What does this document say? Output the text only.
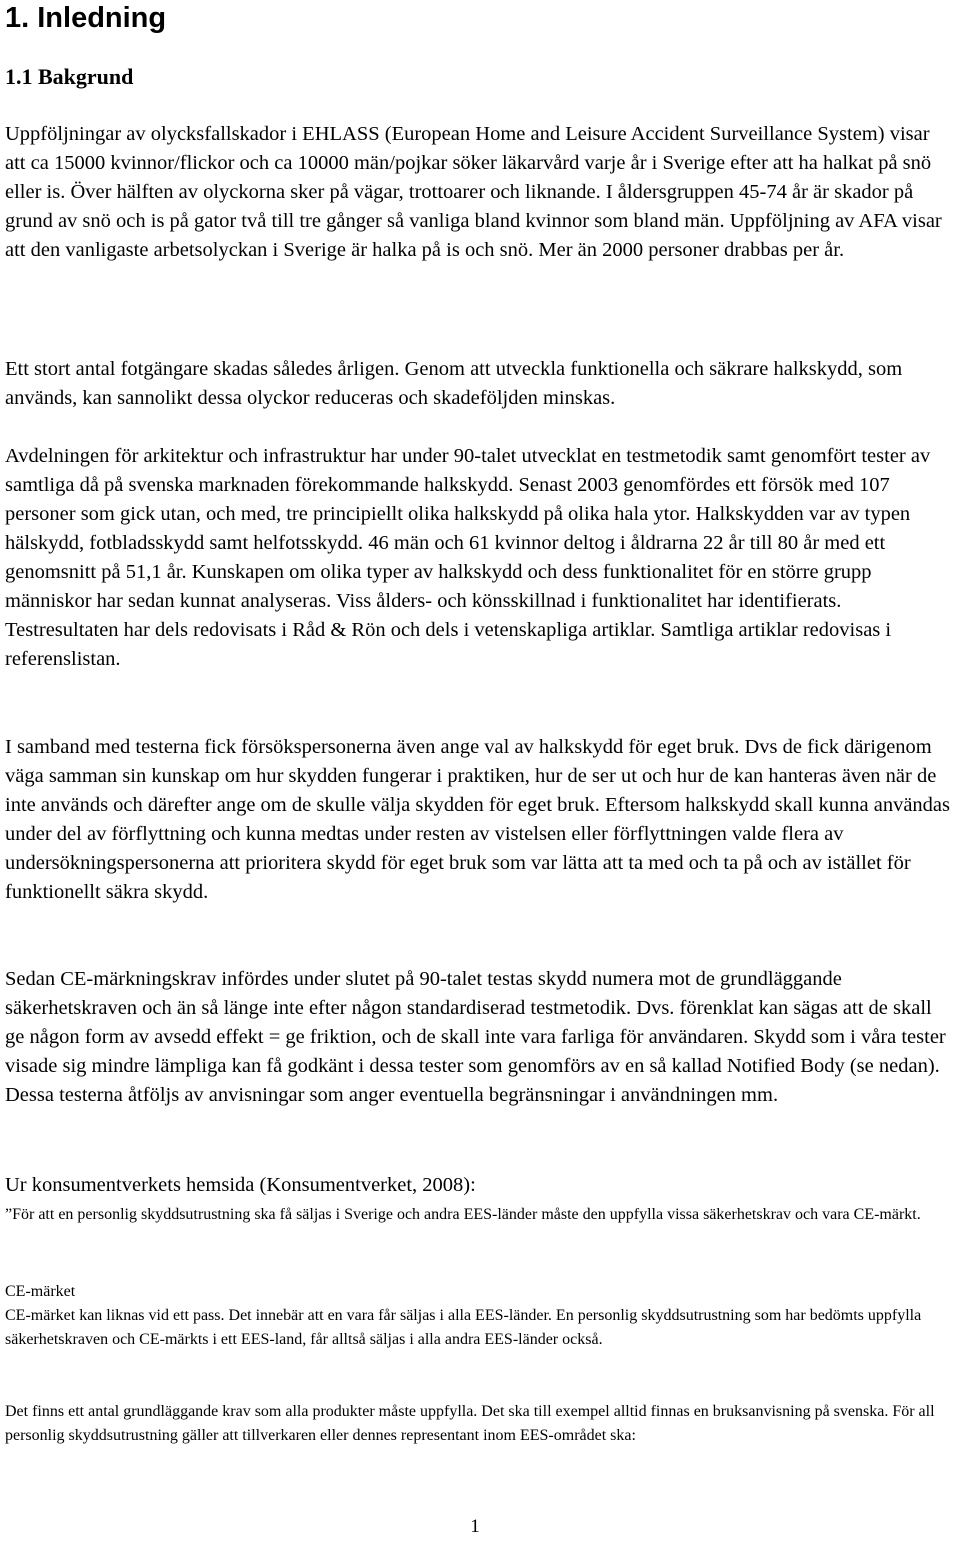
1. Inledning
1.1 Bakgrund

Uppföljningar av olycksfallskador i EHLASS (European Home and Leisure Accident Surveillance System) visar att ca 15000 kvinnor/flickor och ca 10000 män/pojkar söker läkarvård varje år i Sverige efter att ha halkat på snö eller is. Över hälften av olyckorna sker på vägar, trottoarer och liknande. I åldersgruppen 45-74 år är skador på grund av snö och is på gator två till tre gånger så vanliga bland kvinnor som bland män. Uppföljning av AFA visar att den vanligaste arbetsolyckan i Sverige är halka på is och snö. Mer än 2000 personer drabbas per år.

Ett stort antal fotgängare skadas således årligen. Genom att utveckla funktionella och säkrare halkskydd, som används, kan sannolikt dessa olyckor reduceras och skadeföljden minskas.

Avdelningen för arkitektur och infrastruktur har under 90-talet utvecklat en testmetodik samt genomfört tester av samtliga då på svenska marknaden förekommande halkskydd. Senast 2003 genomfördes ett försök med 107 personer som gick utan, och med, tre principiellt olika halkskydd på olika hala ytor. Halkskydden var av typen hälskydd, fotbladsskydd samt helfotsskydd. 46 män och 61 kvinnor deltog i åldrarna 22 år till 80 år med ett genomsnitt på 51,1 år. Kunskapen om olika typer av halkskydd och dess funktionalitet för en större grupp människor har sedan kunnat analyseras. Viss ålders- och könsskillnad i funktionalitet har identifierats. Testresultaten har dels redovisats i Råd & Rön och dels i vetenskapliga artiklar. Samtliga artiklar redovisas i referenslistan.

I samband med testerna fick försökspersonerna även ange val av halkskydd för eget bruk. Dvs de fick därigenom väga samman sin kunskap om hur skydden fungerar i praktiken, hur de ser ut och hur de kan hanteras även när de inte används och därefter ange om de skulle välja skydden för eget bruk. Eftersom halkskydd skall kunna användas under del av förflyttning och kunna medtas under resten av vistelsen eller förflyttningen valde flera av undersökningspersonerna att prioritera skydd för eget bruk som var lätta att ta med och ta på och av istället för funktionellt säkra skydd.

Sedan CE-märkningskrav infördes under slutet på 90-talet testas skydd numera mot de grundläggande säkerhetskraven och än så länge inte efter någon standardiserad testmetodik. Dvs. förenklat kan sägas att de skall ge någon form av avsedd effekt = ge friktion, och de skall inte vara farliga för användaren. Skydd som i våra tester visade sig mindre lämpliga kan få godkänt i dessa tester som genomförs av en så kallad Notified Body (se nedan). Dessa testerna åtföljs av anvisningar som anger eventuella begränsningar i användningen mm.

Ur konsumentverkets hemsida (Konsumentverket, 2008):

”För att en personlig skyddsutrustning ska få säljas i Sverige och andra EES-länder måste den uppfylla vissa säkerhetskrav och vara CE-märkt.

CE-märket
CE-märket kan liknas vid ett pass. Det innebär att en vara får säljas i alla EES-länder. En personlig skyddsutrustning som har bedömts uppfylla säkerhetskraven och CE-märkts i ett EES-land, får alltså säljas i alla andra EES-länder också.

Det finns ett antal grundläggande krav som alla produkter måste uppfylla. Det ska till exempel alltid finnas en bruksanvisning på svenska. För all personlig skyddsutrustning gäller att tillverkaren eller dennes representant inom EES-området ska:

1
